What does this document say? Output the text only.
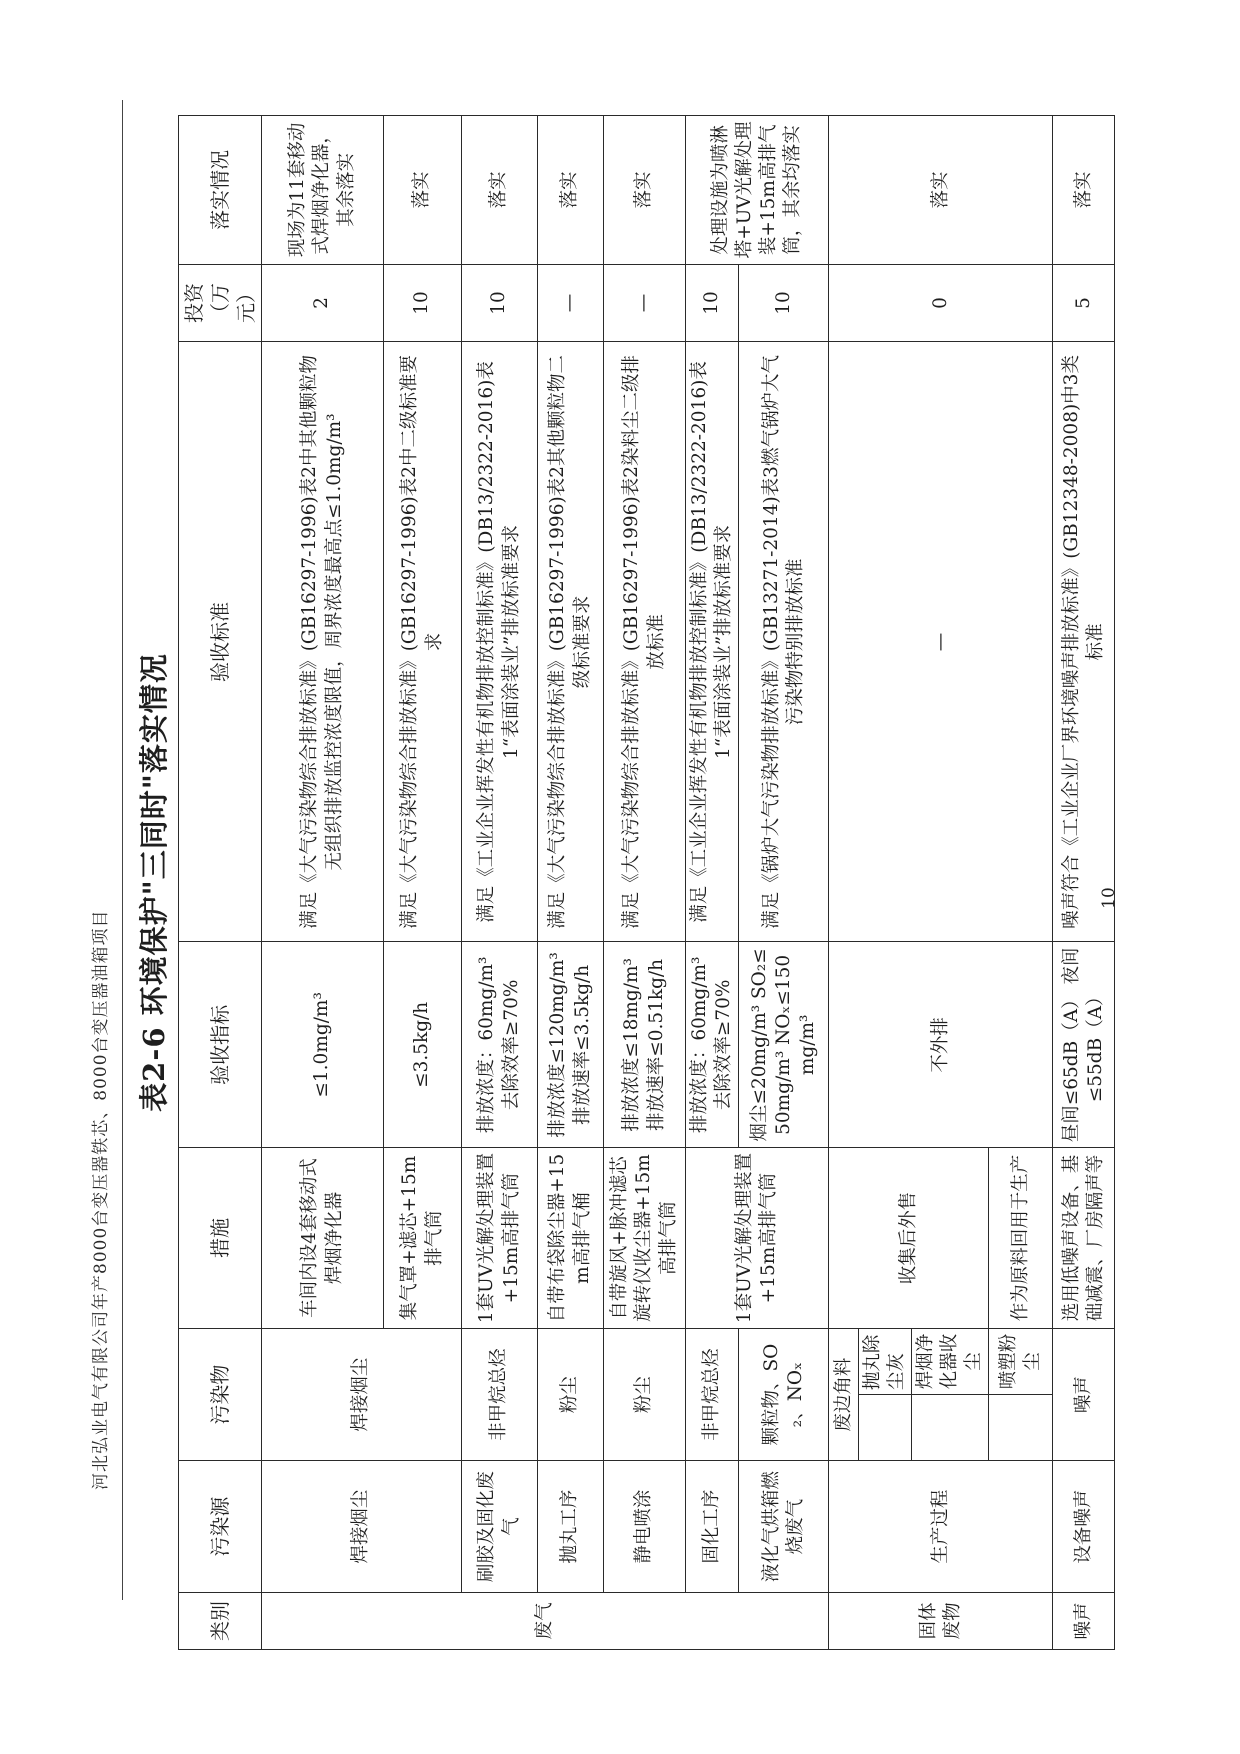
河北弘业电气有限公司年产8000台变压器铁芯、8000台变压器油箱项目
10
表2-6 环境保护"三同时"落实情况
类别	污染源	污染物		措施	验收指标	验收标准	投资（万元）	落实情况
废气	焊接烟尘	焊接烟尘		车间内设4套移动式焊烟净化器	≤1.0mg/m³	满足《大气污染物综合排放标准》(GB16297-1996)表2中其他颗粒物无组织排放监控浓度限值，周界浓度最高点≤1.0mg/m³	2	现场为11套移动式焊烟净化器，其余落实
				集气罩+滤芯+15m排气筒	≤3.5kg/h	满足《大气污染物综合排放标准》(GB16297-1996)表2中二级标准要求	10	落实
	刷胶及固化废气	非甲烷总烃		1套UV光解处理装置+15m高排气筒	排放浓度：60mg/m³ 去除效率≥70%	满足《工业企业挥发性有机物排放控制标准》(DB13/2322-2016)表1“表面涂装业”排放标准要求	10	落实
	抛丸工序	粉尘		自带布袋除尘器+15m高排气桶	排放浓度≤120mg/m³ 排放速率≤3.5kg/h	满足《大气污染物综合排放标准》(GB16297-1996)表2其他颗粒物二级标准要求	—	落实
	静电喷涂	粉尘		自带旋风+脉冲滤芯旋转仪收尘器+15m高排气筒	排放浓度≤18mg/m³ 排放速率≤0.51kg/h	满足《大气污染物综合排放标准》(GB16297-1996)表2染料尘二级排放标准	—	落实
	固化工序	非甲烷总烃		1套UV光解处理装置+15m高排气筒	排放浓度：60mg/m³ 去除效率≥70%	满足《工业企业挥发性有机物排放控制标准》(DB13/2322-2016)表1“表面涂装业”排放标准要求	10	处理设施为喷淋塔+UV光解处理装+15m高排气筒，其余均落实
	液化气烘箱燃烧废气	颗粒物、SO₂、NOₓ			烟尘≤20mg/m³ SO₂≤50mg/m³ NOₓ≤150mg/m³	满足《锅炉大气污染物排放标准》(GB13271-2014)表3燃气锅炉大气污染物特别排放标准	10	
固体废物	生产过程	废边角料		收集后外售	不外排	—	0	落实
			抛丸除尘灰					
			焊烟净化器收尘					
			喷塑粉尘	作为原料回用于生产				
噪声	设备噪声	噪声		选用低噪声设备、基础减震、厂房隔声等	昼间≤65dB（A） 夜间≤55dB（A）	噪声符合《工业企业厂界环境噪声排放标准》(GB12348-2008)中3类标准	5	落实
